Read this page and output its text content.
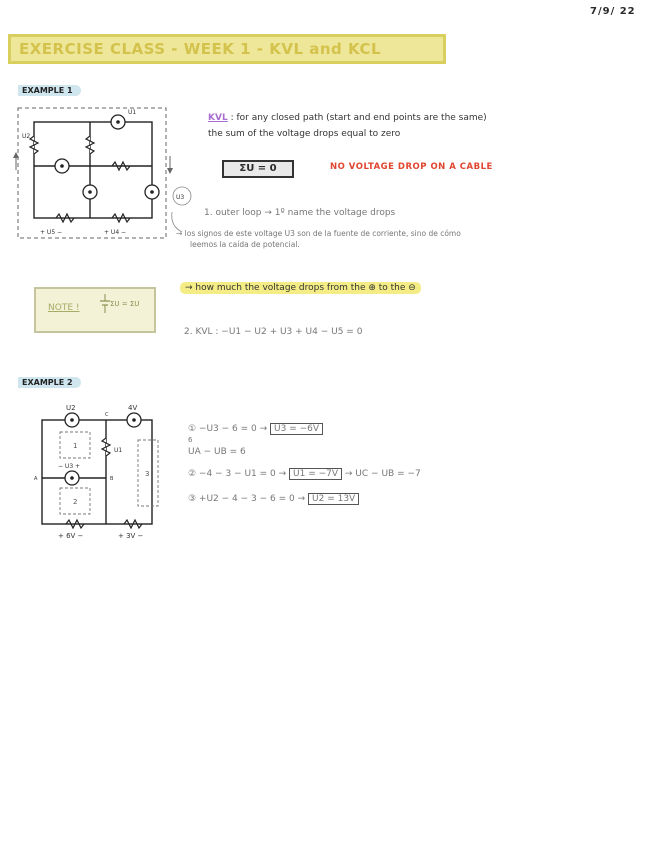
7/9/ 22
EXERCISE CLASS - WEEK 1 - KVL and KCL
EXAMPLE 1
U1
U2
+ U5 −	+ U4 −
U3
KVL : for any closed path (start and end points are the same)
the sum of the voltage drops equal to zero
ΣU = 0	NO VOLTAGE DROP ON A CABLE
1. outer loop → 1º name the voltage drops
→ los signos de este voltage U3 son de la fuente de corriente, sino de cómo
leemos la caída de potencial.
NOTE !	ΣU = ΣU
→ how much the voltage drops from the ⊕ to the ⊖
2. KVL : −U1 − U2 + U3 + U4 − U5 = 0
EXAMPLE 2
U2	4V
− U3 +
U1
+ 6V −	+ 3V −
A	B
C
1
2
3
① −U3 − 6 = 0 → U3 = −6V
6
UA − UB = 6
② −4 − 3 − U1 = 0 → U1 = −7V → UC − UB = −7
③ +U2 − 4 − 3 − 6 = 0 → U2 = 13V
